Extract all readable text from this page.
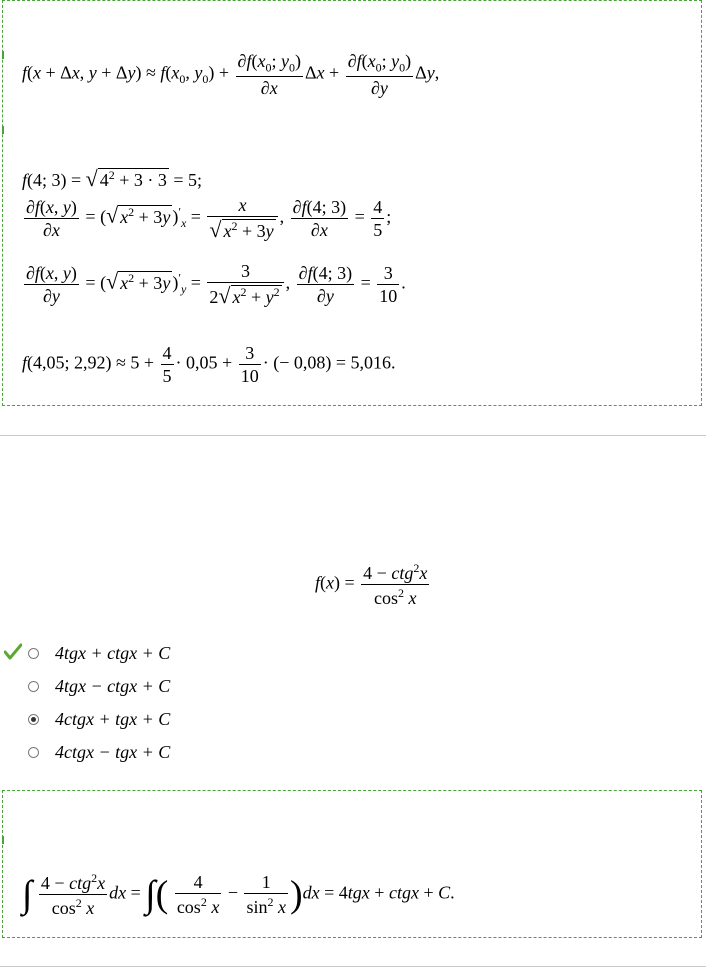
f(x + Δx, $y + \Delta y) \approx f(x_0$, $y_0) + \frac{\partial f(x_0; y_0)}{\partial x}$ $\Delta x + \frac{\partial f(x_0; y_0)}{\partial y} \Delta y$,
f(4; 3) = √ $4^2 + 3 \cdot 3 = 5$;
$\frac{\partial f(x, y)}{\partial x}$ = (√ $x^2 + 3y$ )$'_x = \frac{x}{√ x^2 + 3y}$ , $\frac{\partial f(4; 3)}{\partial x} = \frac{4}{5}$ ;
$\frac{\partial f(x, y)}{\partial y}$ = (√ $x^2 + 3y$ )$'_y = \frac{3}{2√ x^2 + y^2}$ , $\frac{\partial f(4; 3)}{\partial y} = \frac{3}{10}$ .
f(4,05; $2,92) \approx 5 + \frac{4}{5} \cdot 0,05 + \frac{3}{10}$ · (− 0,08) = 5,016.
$f(x) = \frac{4 - ctg^2x}{\cos^2 x}$
4tgx + ctgx + C
4tgx − ctgx + C
4ctgx + tgx + C
4ctgx − tgx + C
∫ $\frac{4 - ctg^2x}{\cos^2 x}$ dx = ∫( $\frac{4}{\cos^2 x} - \frac{1}{\sin^2 x} )dx = 4tgx$ + ctgx + C.
